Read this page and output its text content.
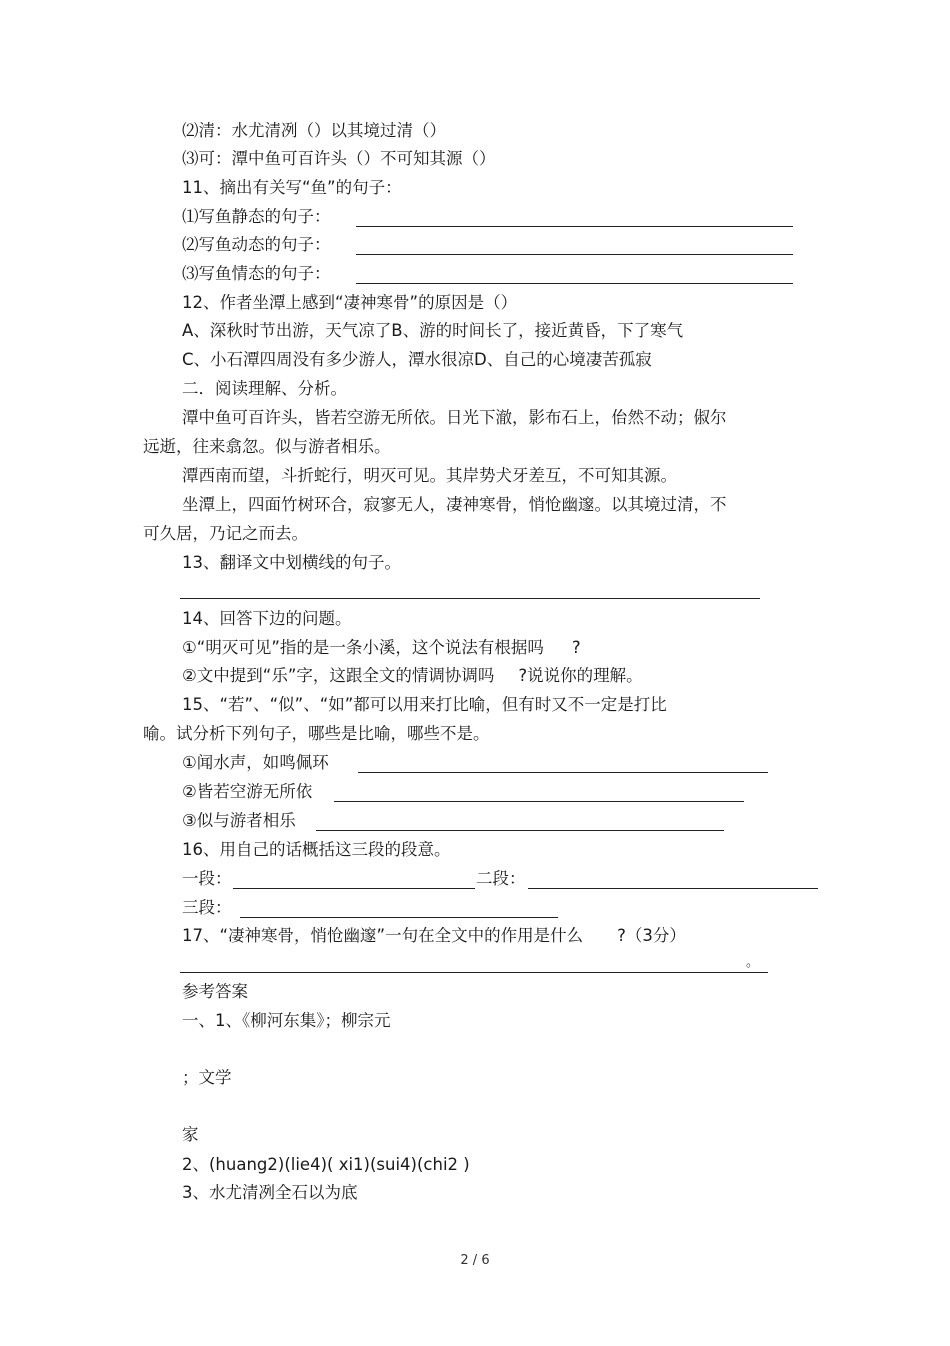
⑵清：水尤清冽（）以其境过清（）
⑶可：潭中鱼可百许头（）不可知其源（）
11、摘出有关写“鱼”的句子：
⑴写鱼静态的句子：
⑵写鱼动态的句子：
⑶写鱼情态的句子：
12、作者坐潭上感到“凄神寒骨”的原因是（）
A、深秋时节出游，天气凉了B、游的时间长了，接近黄昏，下了寒气
C、小石潭四周没有多少游人，潭水很凉D、自己的心境凄苦孤寂
二．阅读理解、分析。
潭中鱼可百许头，皆若空游无所依。日光下澈，影布石上，佁然不动；俶尔
远逝，往来翕忽。似与游者相乐。
潭西南而望，斗折蛇行，明灭可见。其岸势犬牙差互，不可知其源。
坐潭上，四面竹树环合，寂寥无人，凄神寒骨，悄怆幽邃。以其境过清，不
可久居，乃记之而去。
13、翻译文中划横线的句子。
14、回答下边的问题。
①“明灭可见”指的是一条小溪，这个说法有根据吗 ?
②文中提到“乐”字，这跟全文的情调协调吗 ?说说你的理解。
15、“若”、“似”、“如”都可以用来打比喻，但有时又不一定是打比
喻。试分析下列句子，哪些是比喻，哪些不是。
①闻水声，如鸣佩环
②皆若空游无所依
③似与游者相乐
16、用自己的话概括这三段的段意。
一段：	二段：
三段：
17、“凄神寒骨，悄怆幽邃”一句在全文中的作用是什么 ?（3分）
。
参考答案
一、1、《柳河东集》；柳宗元
；文学
家
2、(huang2)(lie4)( xi1)(sui4)(chi2 )
3、水尤清冽全石以为底
2 / 6
